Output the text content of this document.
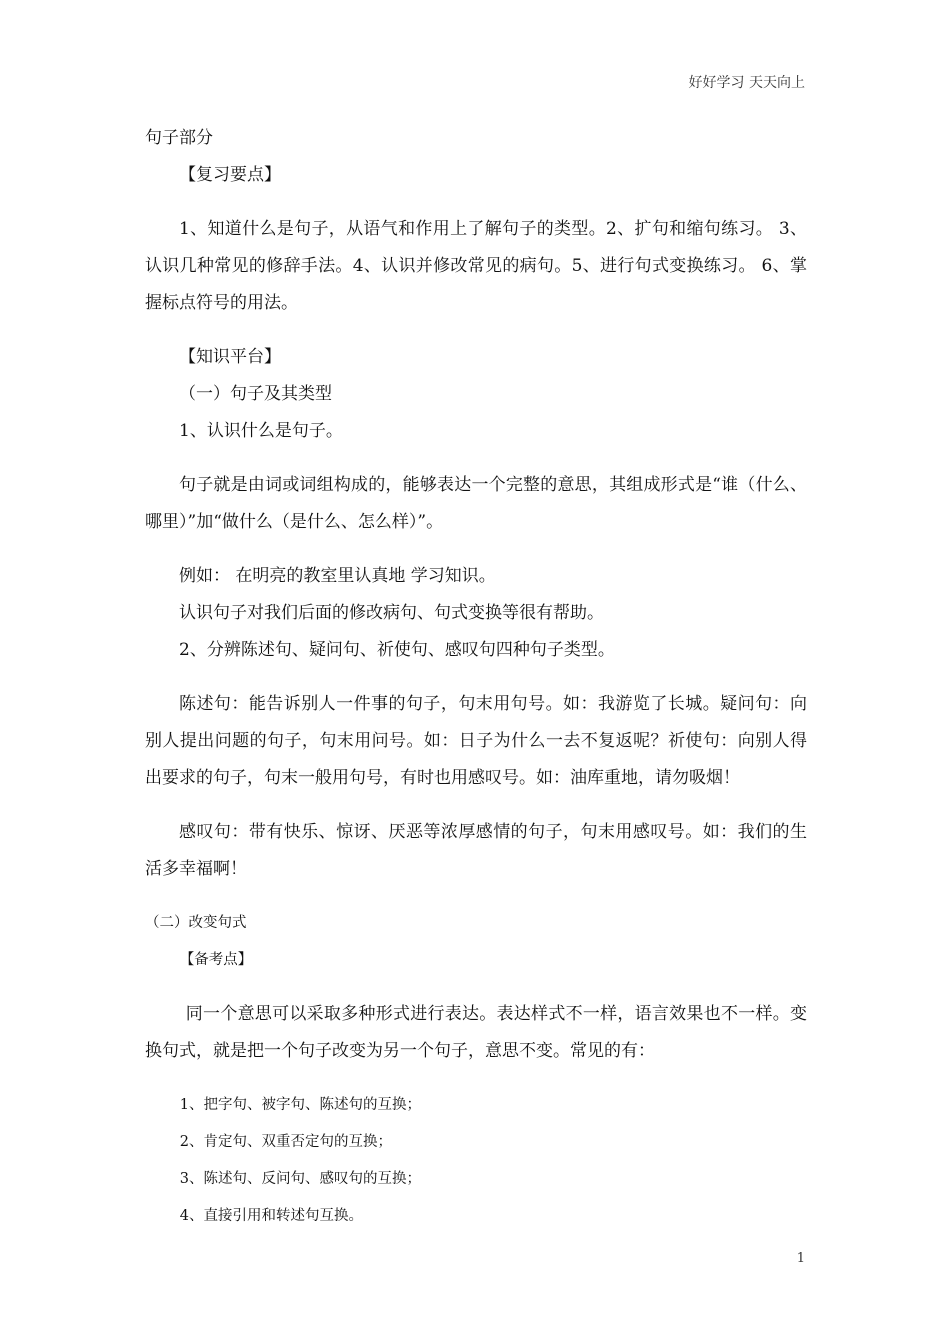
好好学习 天天向上

句子部分

【复习要点】

1、知道什么是句子，从语气和作用上了解句子的类型。2、扩句和缩句练习。 3、认识几种常见的修辞手法。4、认识并修改常见的病句。5、进行句式变换练习。 6、掌握标点符号的用法。

【知识平台】

（一）句子及其类型

1、认识什么是句子。

句子就是由词或词组构成的，能够表达一个完整的意思，其组成形式是“谁（什么、哪里）”加“做什么（是什么、怎么样）”。

例如： 在明亮的教室里认真地 学习知识。

认识句子对我们后面的修改病句、句式变换等很有帮助。

2、分辨陈述句、疑问句、祈使句、感叹句四种句子类型。

陈述句：能告诉别人一件事的句子，句末用句号。如：我游览了长城。疑问句：向别人提出问题的句子，句末用问号。如：日子为什么一去不复返呢？祈使句：向别人得出要求的句子，句末一般用句号，有时也用感叹号。如：油库重地，请勿吸烟！

感叹句：带有快乐、惊讶、厌恶等浓厚感情的句子，句末用感叹号。如：我们的生活多幸福啊！

（二）改变句式

【备考点】

同一个意思可以采取多种形式进行表达。表达样式不一样，语言效果也不一样。变换句式，就是把一个句子改变为另一个句子，意思不变。常见的有：

1、把字句、被字句、陈述句的互换；

2、肯定句、双重否定句的互换；

3、陈述句、反问句、感叹句的互换；

4、直接引用和转述句互换。

1
